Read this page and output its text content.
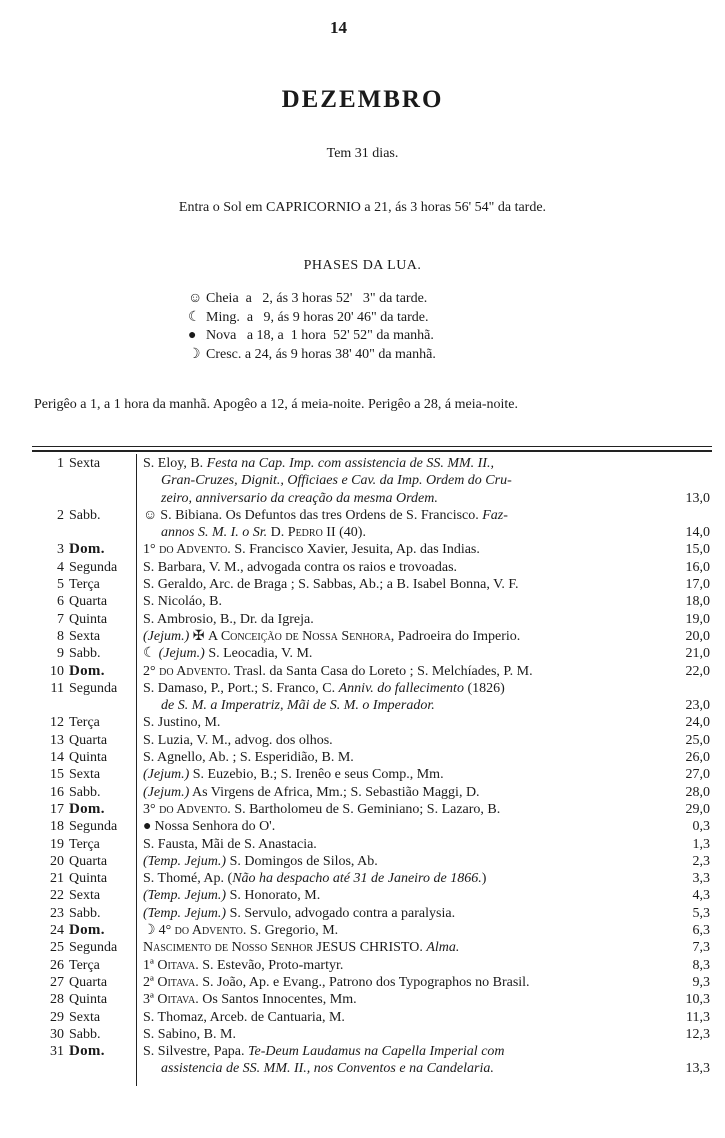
14
DEZEMBRO
Tem 31 dias.
Entra o Sol em CAPRICORNIO a 21, ás 3 horas 56' 54" da tarde.
PHASES DA LUA.
☺ Cheia  a   2, ás 3 horas 52'   3" da tarde.
☾ Ming.  a   9, ás 9 horas 20' 46" da tarde.
● Nova   a 18, a  1 hora  52' 52" da manhã.
☽ Cresc. a 24, ás 9 horas 38' 40" da manhã.
Perigêo a 1, a 1 hora da manhã. Apogêo a 12, á meia-noite. Perigêo a 28, á meia-noite.
1 Sexta	S. Eloy, B. Festa na Cap. Imp. com assistencia de SS. MM. II.,
Gran-Cruzes, Dignit., Officiaes e Cav. da Imp. Ordem do Cru-
zeiro, anniversario da creação da mesma Ordem.	13,0
2 Sabb.	☺ S. Bibiana. Os Defuntos das tres Ordens de S. Francisco. Faz-
annos S. M. I. o Sr. D. Pedro II (40).	14,0
3 Dom.	1° do Advento. S. Francisco Xavier, Jesuita, Ap. das Indias.	15,0
4 Segunda S. Barbara, V. M., advogada contra os raios e trovoadas.	16,0
5 Terça	S. Geraldo, Arc. de Braga ; S. Sabbas, Ab.; a B. Isabel Bonna, V. F.	17,0
6 Quarta	S. Nicoláo, B.	18,0
7 Quinta	S. Ambrosio, B., Dr. da Igreja.	19,0
8 Sexta	(Jejum.) ✠ A Conceição de Nossa Senhora, Padroeira do Imperio.	20,0
9 Sabb.	☾ (Jejum.) S. Leocadia, V. M.	21,0
10 Dom.	2° do Advento. Trasl. da Santa Casa do Loreto ; S. Melchíades, P. M.	22,0
11 Segunda S. Damaso, P., Port.; S. Franco, C. Anniv. do fallecimento (1826)
de S. M. a Imperatriz, Mãi de S. M. o Imperador.	23,0
12 Terça	S. Justino, M.	24,0
13 Quarta	S. Luzia, V. M., advog. dos olhos.	25,0
14 Quinta	S. Agnello, Ab. ; S. Esperidião, B. M.	26,0
15 Sexta	(Jejum.) S. Euzebio, B.; S. Irenêo e seus Comp., Mm.	27,0
16 Sabb.	(Jejum.) As Virgens de Africa, Mm.; S. Sebastião Maggi, D.	28,0
17 Dom.	3° do Advento. S. Bartholomeu de S. Geminiano; S. Lazaro, B.	29,0
18 Segunda ● Nossa Senhora do O'.	0,3
19 Terça	S. Fausta, Mãi de S. Anastacia.	1,3
20 Quarta	(Temp. Jejum.) S. Domingos de Silos, Ab.	2,3
21 Quinta	S. Thomé, Ap. (Não ha despacho até 31 de Janeiro de 1866.)	3,3
22 Sexta	(Temp. Jejum.) S. Honorato, M.	4,3
23 Sabb.	(Temp. Jejum.) S. Servulo, advogado contra a paralysia.	5,3
24 Dom.	☽ 4° do Advento. S. Gregorio, M.	6,3
25 Segunda Nascimento de Nosso Senhor JESUS CHRISTO. Alma.	7,3
26 Terça	1ª Oitava. S. Estevão, Proto-martyr.	8,3
27 Quarta	2ª Oitava. S. João, Ap. e Evang., Patrono dos Typographos no Brasil.	9,3
28 Quinta	3ª Oitava. Os Santos Innocentes, Mm.	10,3
29 Sexta	S. Thomaz, Arceb. de Cantuaria, M.	11,3
30 Sabb.	S. Sabino, B. M.	12,3
31 Dom.	S. Silvestre, Papa. Te-Deum Laudamus na Capella Imperial com
assistencia de SS. MM. II., nos Conventos e na Candelaria.	13,3
